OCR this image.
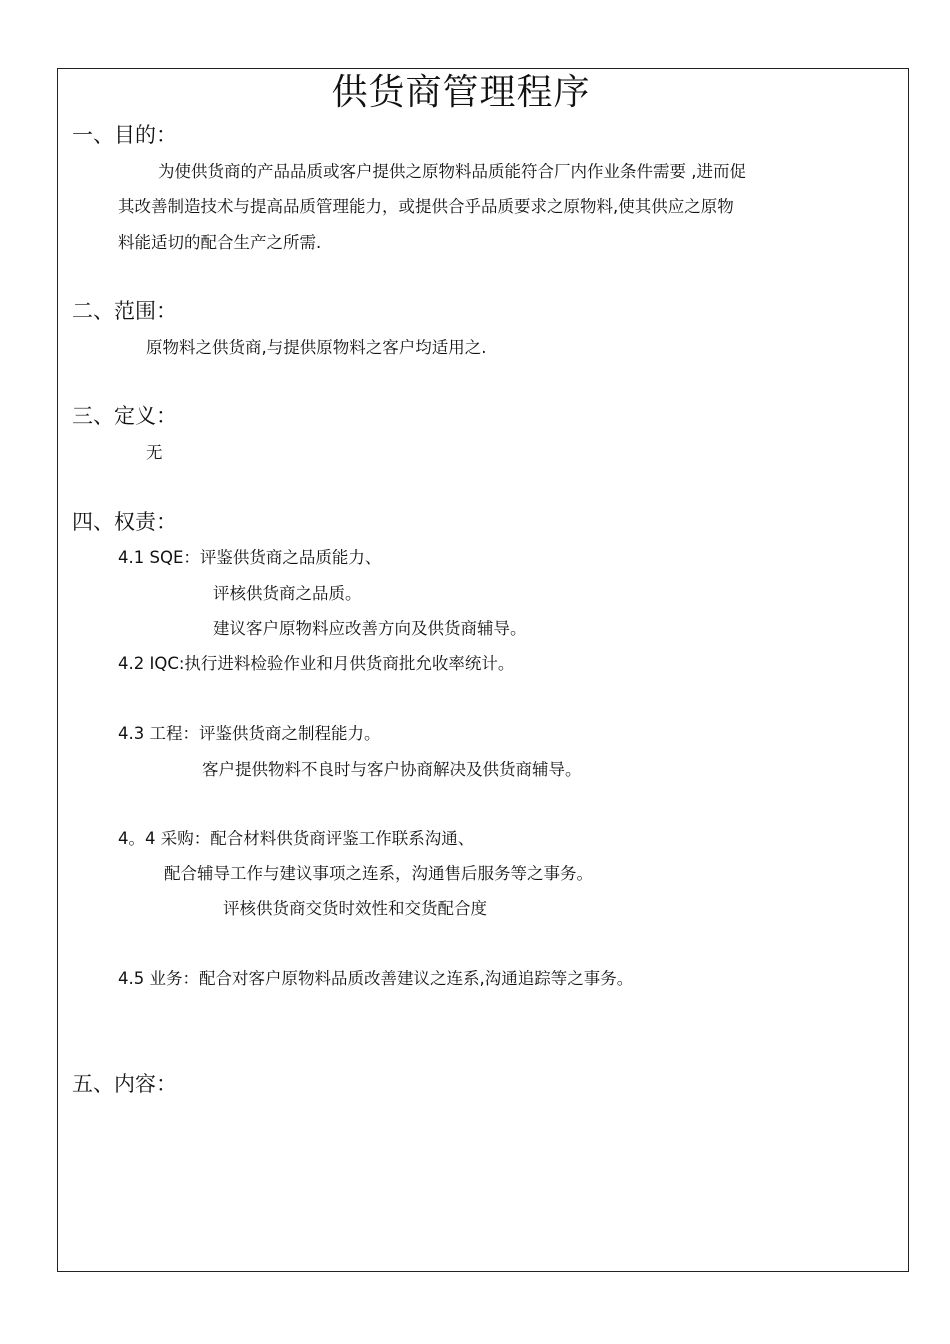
供货商管理程序
一、目的：
为使供货商的产品品质或客户提供之原物料品质能符合厂内作业条件需要 ,进而促
其改善制造技术与提高品质管理能力，或提供合乎品质要求之原物料,使其供应之原物
料能适切的配合生产之所需.
二、范围：
原物料之供货商,与提供原物料之客户均适用之.
三、定义：
无
四、权责：
4.1 SQE：评鉴供货商之品质能力、
评核供货商之品质。
建议客户原物料应改善方向及供货商辅导。
4.2 IQC:执行进料检验作业和月供货商批允收率统计。
4.3 工程：评鉴供货商之制程能力。
客户提供物料不良时与客户协商解决及供货商辅导。
4。4 采购：配合材料供货商评鉴工作联系沟通、
配合辅导工作与建议事项之连系，沟通售后服务等之事务。
评核供货商交货时效性和交货配合度
4.5 业务：配合对客户原物料品质改善建议之连系,沟通追踪等之事务。
五、内容：
